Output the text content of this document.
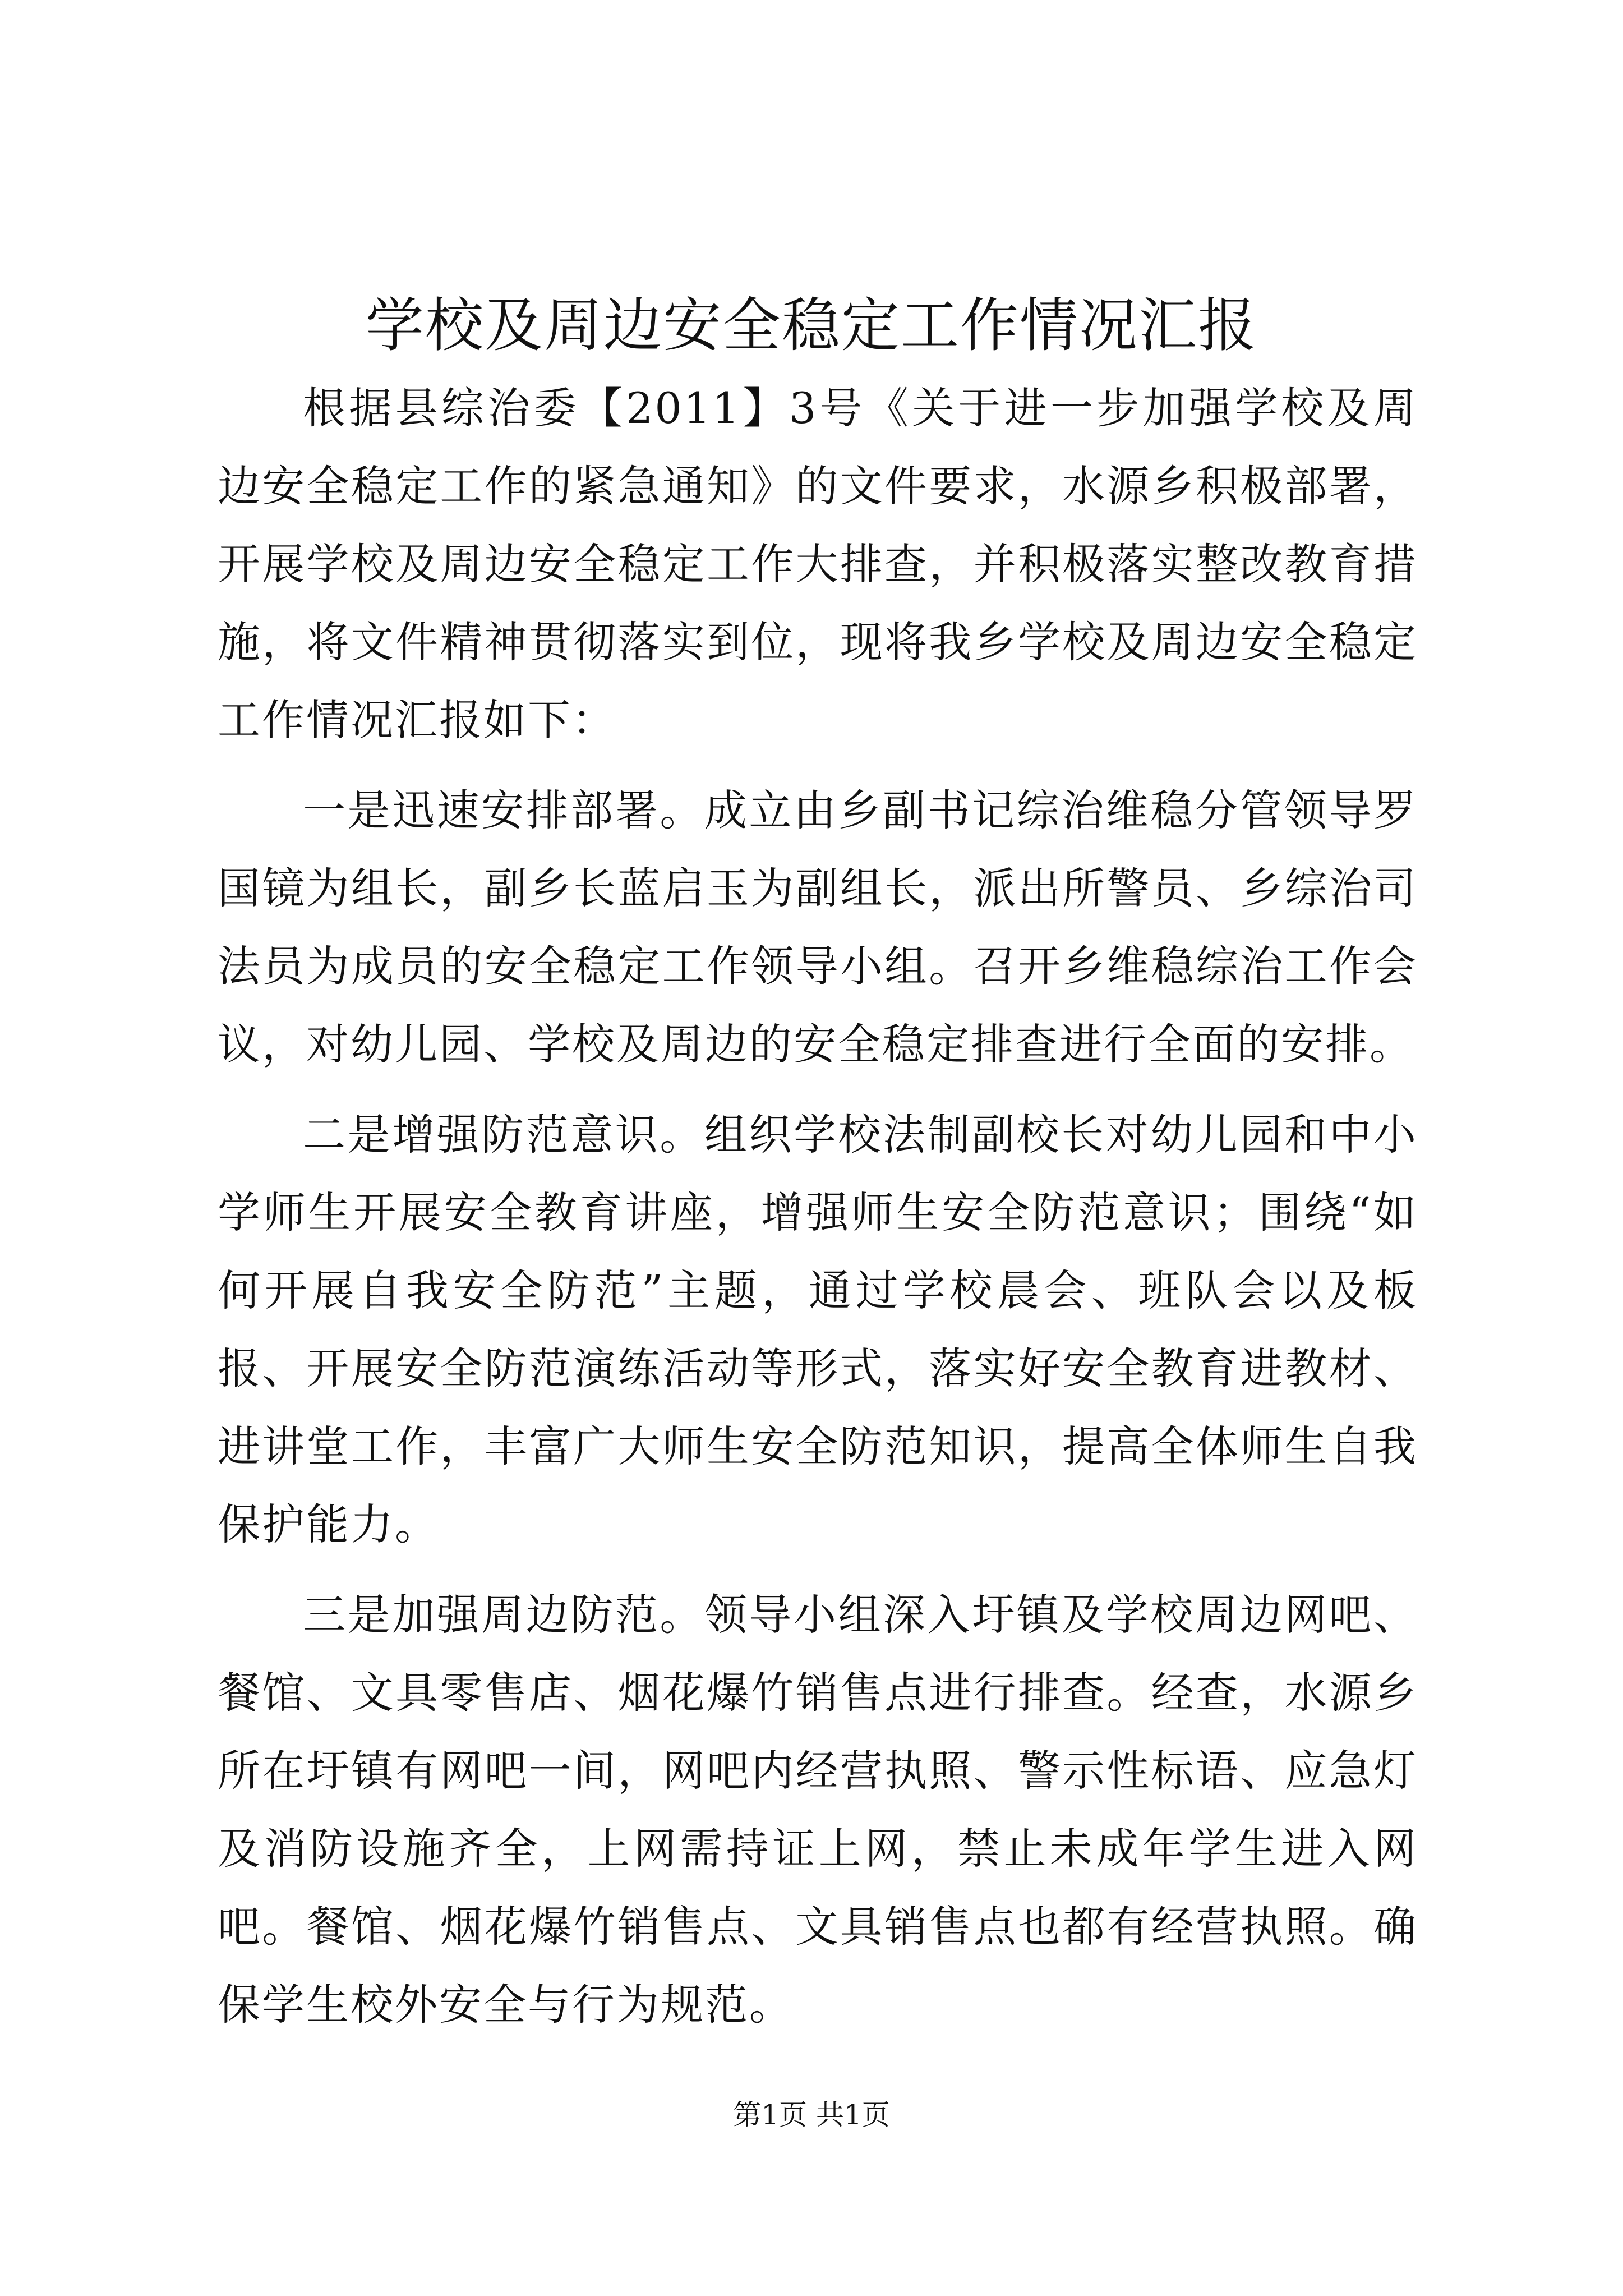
学校及周边安全稳定工作情况汇报

根据县综治委【2011】3号《关于进一步加强学校及周边安全稳定工作的紧急通知》的文件要求，水源乡积极部署，开展学校及周边安全稳定工作大排查，并积极落实整改教育措施，将文件精神贯彻落实到位，现将我乡学校及周边安全稳定工作情况汇报如下：

一是迅速安排部署。成立由乡副书记综治维稳分管领导罗国镜为组长，副乡长蓝启玉为副组长，派出所警员、乡综治司法员为成员的安全稳定工作领导小组。召开乡维稳综治工作会议，对幼儿园、学校及周边的安全稳定排查进行全面的安排。

二是增强防范意识。组织学校法制副校长对幼儿园和中小学师生开展安全教育讲座，增强师生安全防范意识；围绕“如何开展自我安全防范”主题，通过学校晨会、班队会以及板报、开展安全防范演练活动等形式，落实好安全教育进教材、进讲堂工作，丰富广大师生安全防范知识，提高全体师生自我保护能力。

三是加强周边防范。领导小组深入圩镇及学校周边网吧、餐馆、文具零售店、烟花爆竹销售点进行排查。经查，水源乡所在圩镇有网吧一间，网吧内经营执照、警示性标语、应急灯及消防设施齐全，上网需持证上网，禁止未成年学生进入网吧。餐馆、烟花爆竹销售点、文具销售点也都有经营执照。确保学生校外安全与行为规范。

第1页 共1页
